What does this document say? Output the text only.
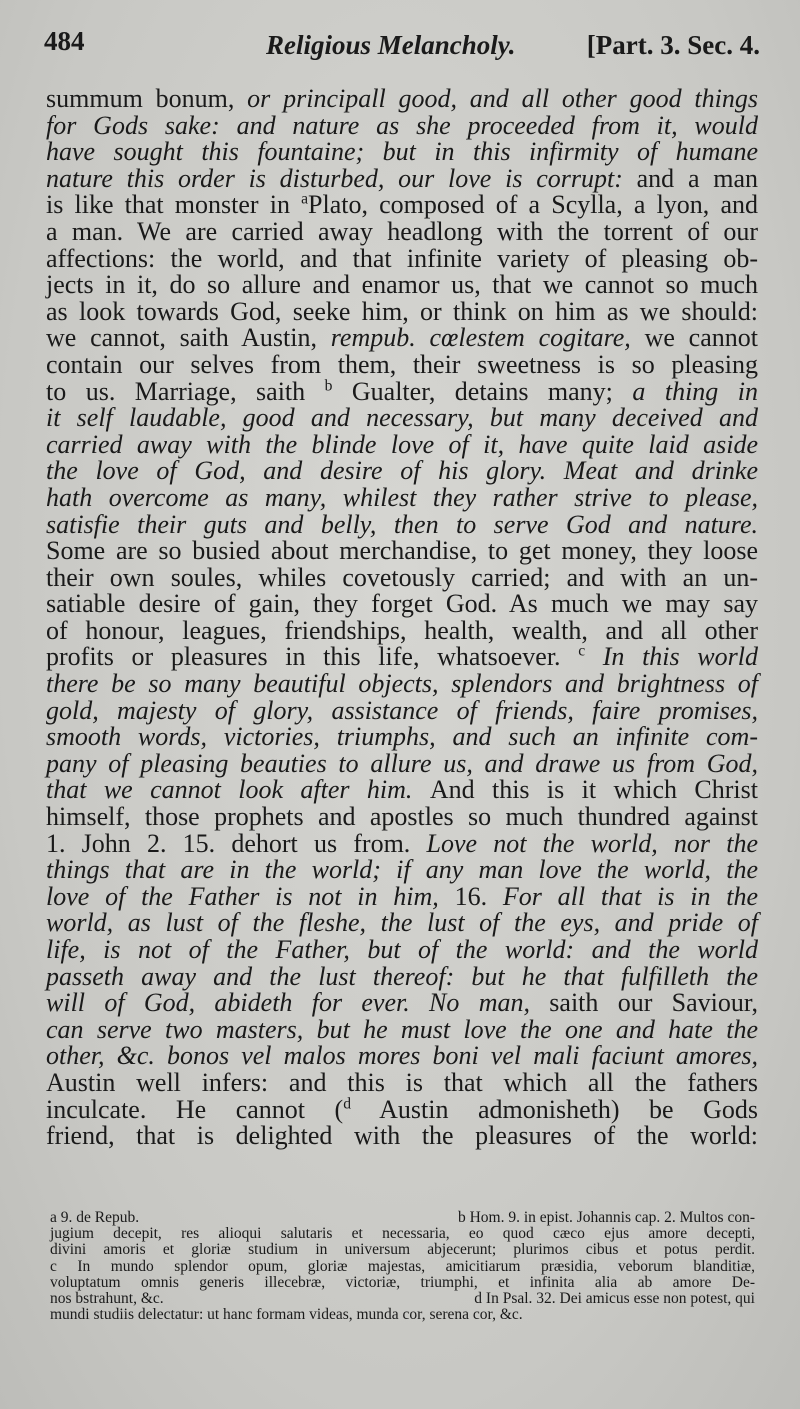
484	Religious Melancholy.	[Part. 3. Sec. 4.
summum bonum, or principall good, and all other good things
for Gods sake: and nature as she proceeded from it, would
have sought this fountaine; but in this infirmity of humane
nature this order is disturbed, our love is corrupt: and a man
is like that monster in $^a$Plato, composed of a Scylla, a lyon, and
a man. We are carried away headlong with the torrent of our
affections: the world, and that infinite variety of pleasing ob-
jects in it, do so allure and enamor us, that we cannot so much
as look towards God, seeke him, or think on him as we should:
we cannot, saith Austin, rempub. cœlestem cogitare, we cannot
contain our selves from them, their sweetness is so pleasing
to us. Marriage, saith $^b$ Gualter, detains many; a thing in
it self laudable, good and necessary, but many deceived and
carried away with the blinde love of it, have quite laid aside
the love of God, and desire of his glory. Meat and drinke
hath overcome as many, whilest they rather strive to please,
satisfie their guts and belly, then to serve God and nature.
Some are so busied about merchandise, to get money, they loose
their own soules, whiles covetously carried; and with an un-
satiable desire of gain, they forget God. As much we may say
of honour, leagues, friendships, health, wealth, and all other
profits or pleasures in this life, whatsoever. $^c$ In this world
there be so many beautiful objects, splendors and brightness of
gold, majesty of glory, assistance of friends, faire promises,
smooth words, victories, triumphs, and such an infinite com-
pany of pleasing beauties to allure us, and drawe us from God,
that we cannot look after him. And this is it which Christ
himself, those prophets and apostles so much thundred against
1. John 2. 15. dehort us from. Love not the world, nor the
things that are in the world; if any man love the world, the
love of the Father is not in him, 16. For all that is in the
world, as lust of the fleshe, the lust of the eys, and pride of
life, is not of the Father, but of the world: and the world
passeth away and the lust thereof: but he that fulfilleth the
will of God, abideth for ever. No man, saith our Saviour,
can serve two masters, but he must love the one and hate the
other, &c. bonos vel malos mores boni vel mali faciunt amores,
Austin well infers: and this is that which all the fathers
inculcate. He cannot ($^d$ Austin admonisheth) be Gods
friend, that is delighted with the pleasures of the world:
a 9. de Repub.	b Hom. 9. in epist. Johannis cap. 2. Multos con-
jugium decepit, res alioqui salutaris et necessaria, eo quod cæco ejus amore decepti,
divini amoris et gloriæ studium in universum abjecerunt; plurimos cibus et potus perdit.
c In mundo splendor opum, gloriæ majestas, amicitiarum præsidia, veborum blanditiæ,
voluptatum omnis generis illecebræ, victoriæ, triumphi, et infinita alia ab amore De-
nos bstrahunt, &c.	d In Psal. 32. Dei amicus esse non potest, qui
mundi studiis delectatur: ut hanc formam videas, munda cor, serena cor, &c.
